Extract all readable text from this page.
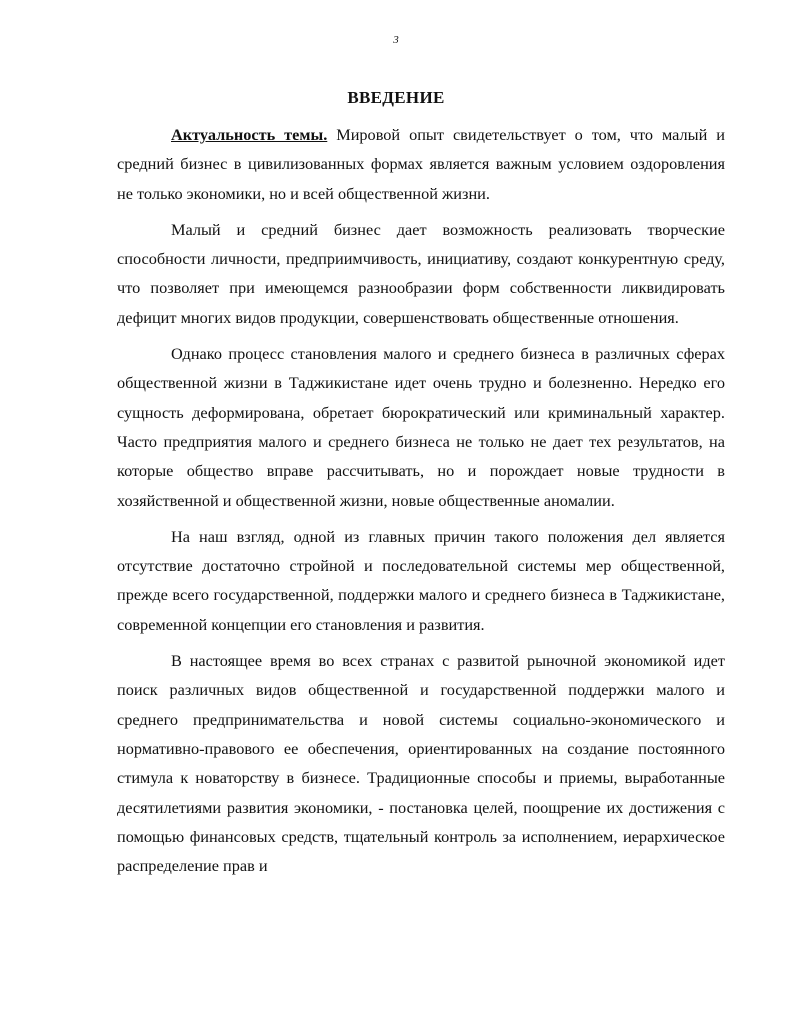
3
ВВЕДЕНИЕ

Актуальность темы. Мировой опыт свидетельствует о том, что малый и средний бизнес в цивилизованных формах является важным условием оздоровления не только экономики, но и всей общественной жизни.

Малый и средний бизнес дает возможность реализовать творческие способности личности, предприимчивость, инициативу, создают конкурентную среду, что позволяет при имеющемся разнообразии форм собственности ликвидировать дефицит многих видов продукции, совершенствовать общественные отношения.

Однако процесс становления малого и среднего бизнеса в различных сферах общественной жизни в Таджикистане идет очень трудно и болезненно. Нередко его сущность деформирована, обретает бюрократический или криминальный характер. Часто предприятия малого и среднего бизнеса не только не дает тех результатов, на которые общество вправе рассчитывать, но и порождает новые трудности в хозяйственной и общественной жизни, новые общественные аномалии.

На наш взгляд, одной из главных причин такого положения дел является отсутствие достаточно стройной и последовательной системы мер общественной, прежде всего государственной, поддержки малого и среднего бизнеса в Таджикистане, современной концепции его становления и развития.

В настоящее время во всех странах с развитой рыночной экономикой идет поиск различных видов общественной и государственной поддержки малого и среднего предпринимательства и новой системы социально-экономического и нормативно-правового ее обеспечения, ориентированных на создание постоянного стимула к новаторству в бизнесе. Традиционные способы и приемы, выработанные десятилетиями развития экономики, - постановка целей, поощрение их достижения с помощью финансовых средств, тщательный контроль за исполнением, иерархическое распределение прав и
